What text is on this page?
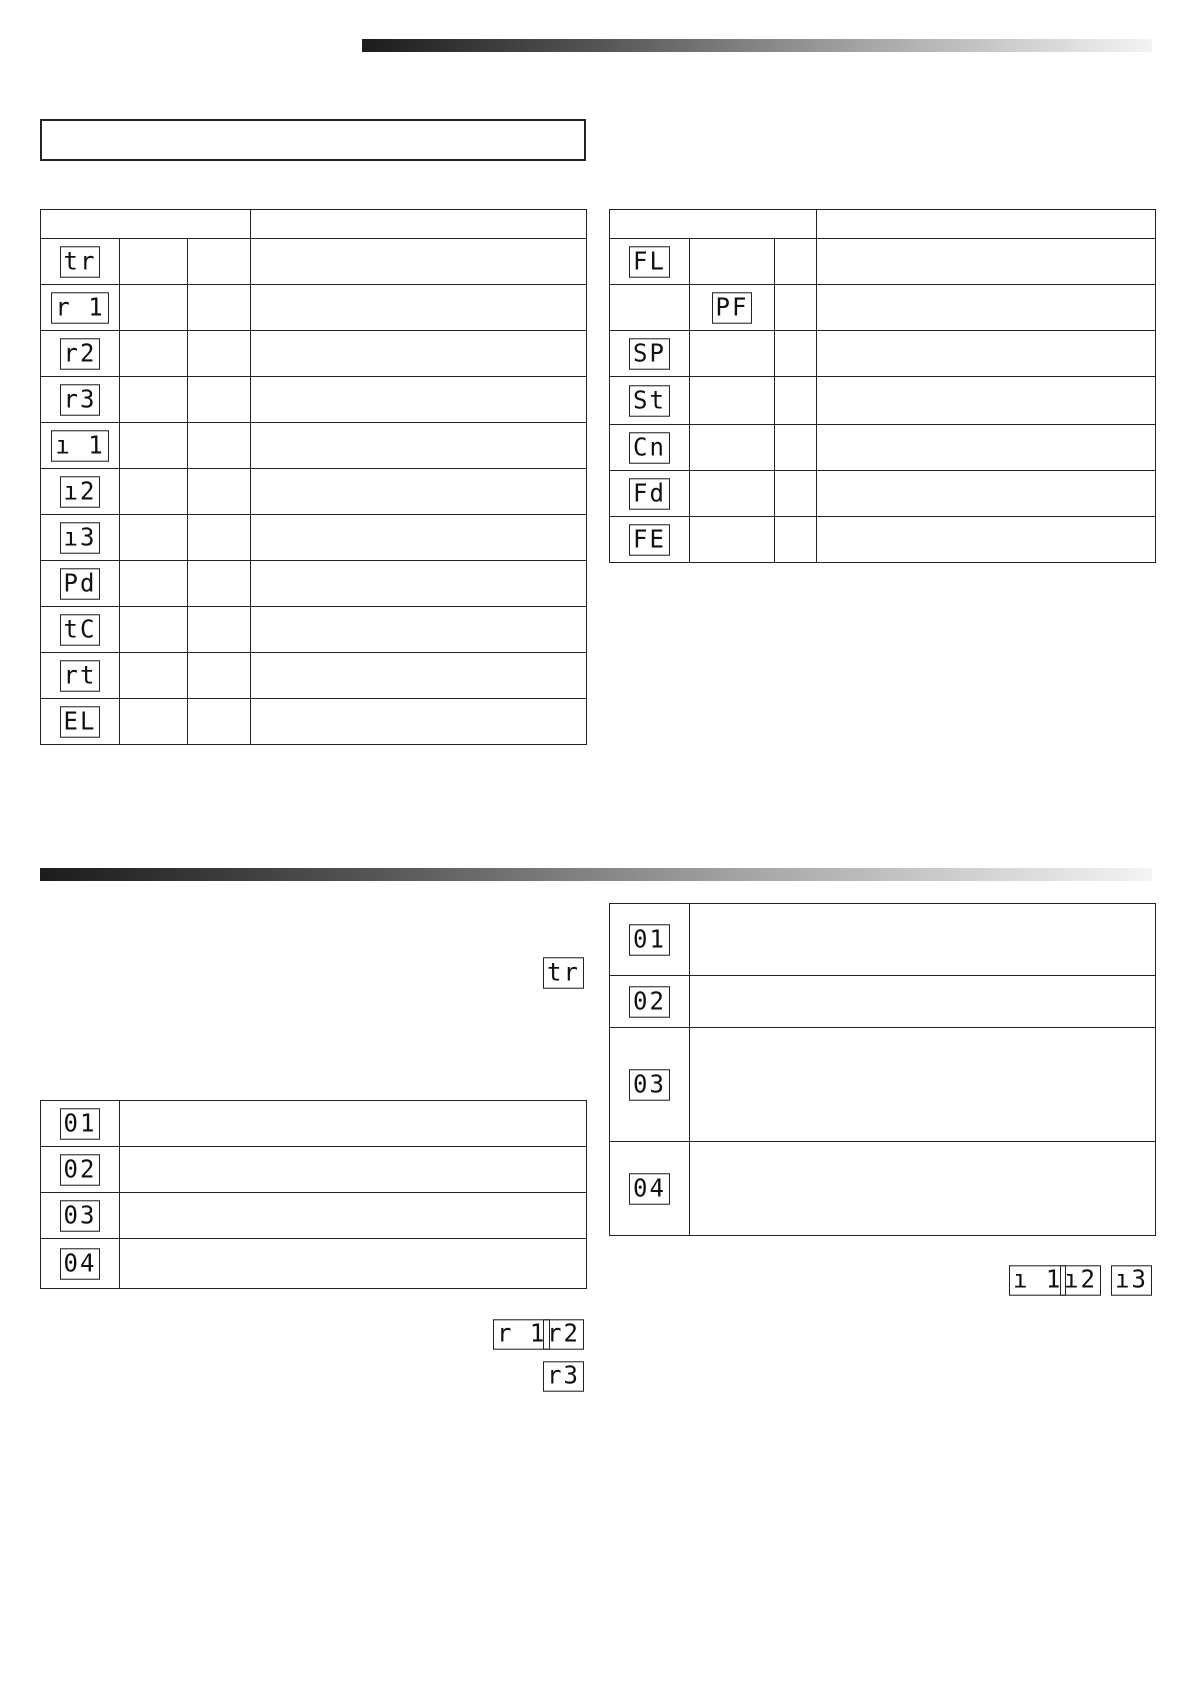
tr			
r 1			
r2			
r3			
ı 1			
ı2			
ı3			
Pd			
tC			
rt			
EL			

FL			
	PF		
SP			
St			
Cn			
Fd			
FE			
tr
01	
02	
03	
04	
01	
02	
03	
04	
ı 1 ı2 ı3
r 1 r2
r3
